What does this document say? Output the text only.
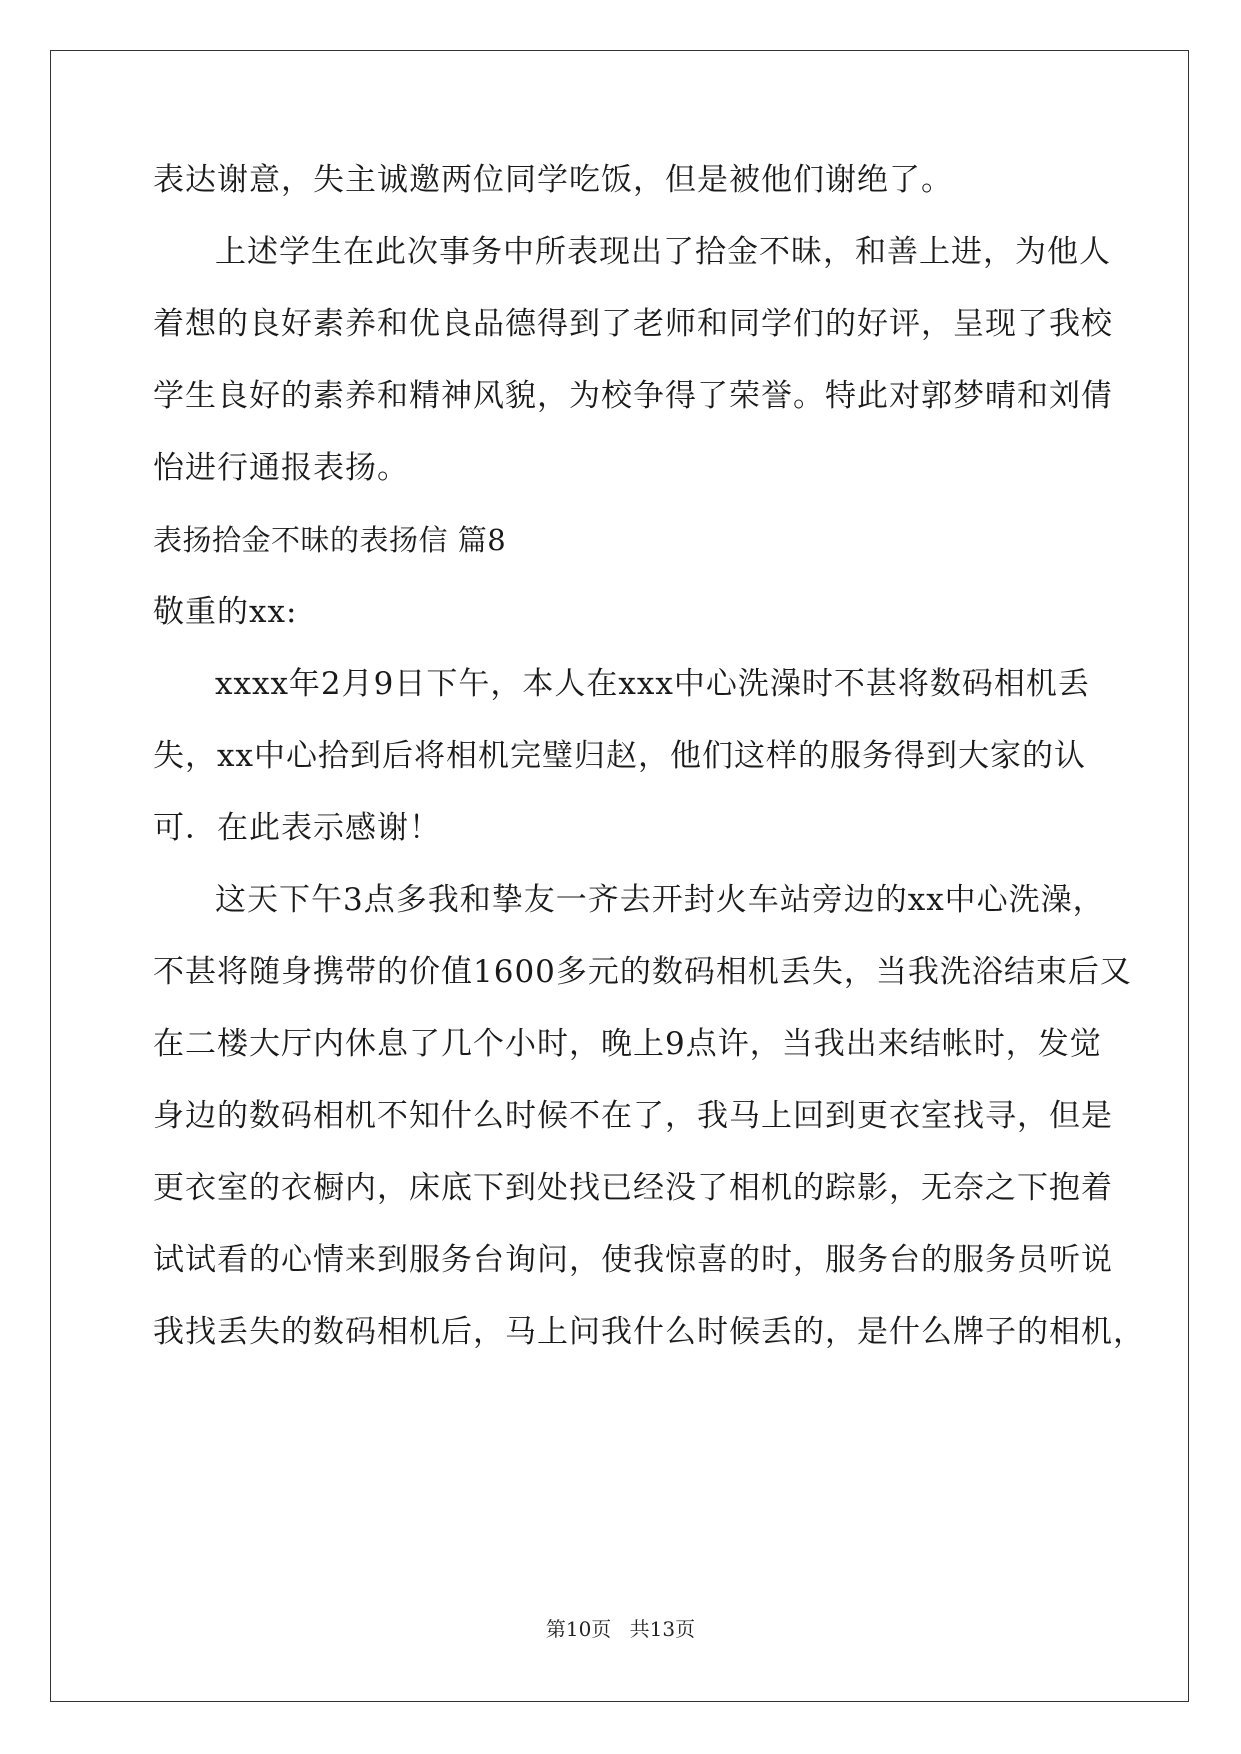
表达谢意，失主诚邀两位同学吃饭，但是被他们谢绝了。
上述学生在此次事务中所表现出了拾金不昧，和善上进，为他人
着想的良好素养和优良品德得到了老师和同学们的好评，呈现了我校
学生良好的素养和精神风貌，为校争得了荣誉。特此对郭梦晴和刘倩
怡进行通报表扬。
表扬拾金不昧的表扬信 篇8
敬重的xx:
xxxx年2月9日下午，本人在xxx中心洗澡时不甚将数码相机丢
失，xx中心拾到后将相机完璧归赵，他们这样的服务得到大家的认
可．在此表示感谢！
这天下午3点多我和挚友一齐去开封火车站旁边的xx中心洗澡，
不甚将随身携带的价值1600多元的数码相机丢失，当我洗浴结束后又
在二楼大厅内休息了几个小时，晚上9点许，当我出来结帐时，发觉
身边的数码相机不知什么时候不在了，我马上回到更衣室找寻，但是
更衣室的衣橱内，床底下到处找已经没了相机的踪影，无奈之下抱着
试试看的心情来到服务台询问，使我惊喜的时，服务台的服务员听说
我找丢失的数码相机后，马上问我什么时候丢的，是什么牌子的相机，
第10页 共13页
